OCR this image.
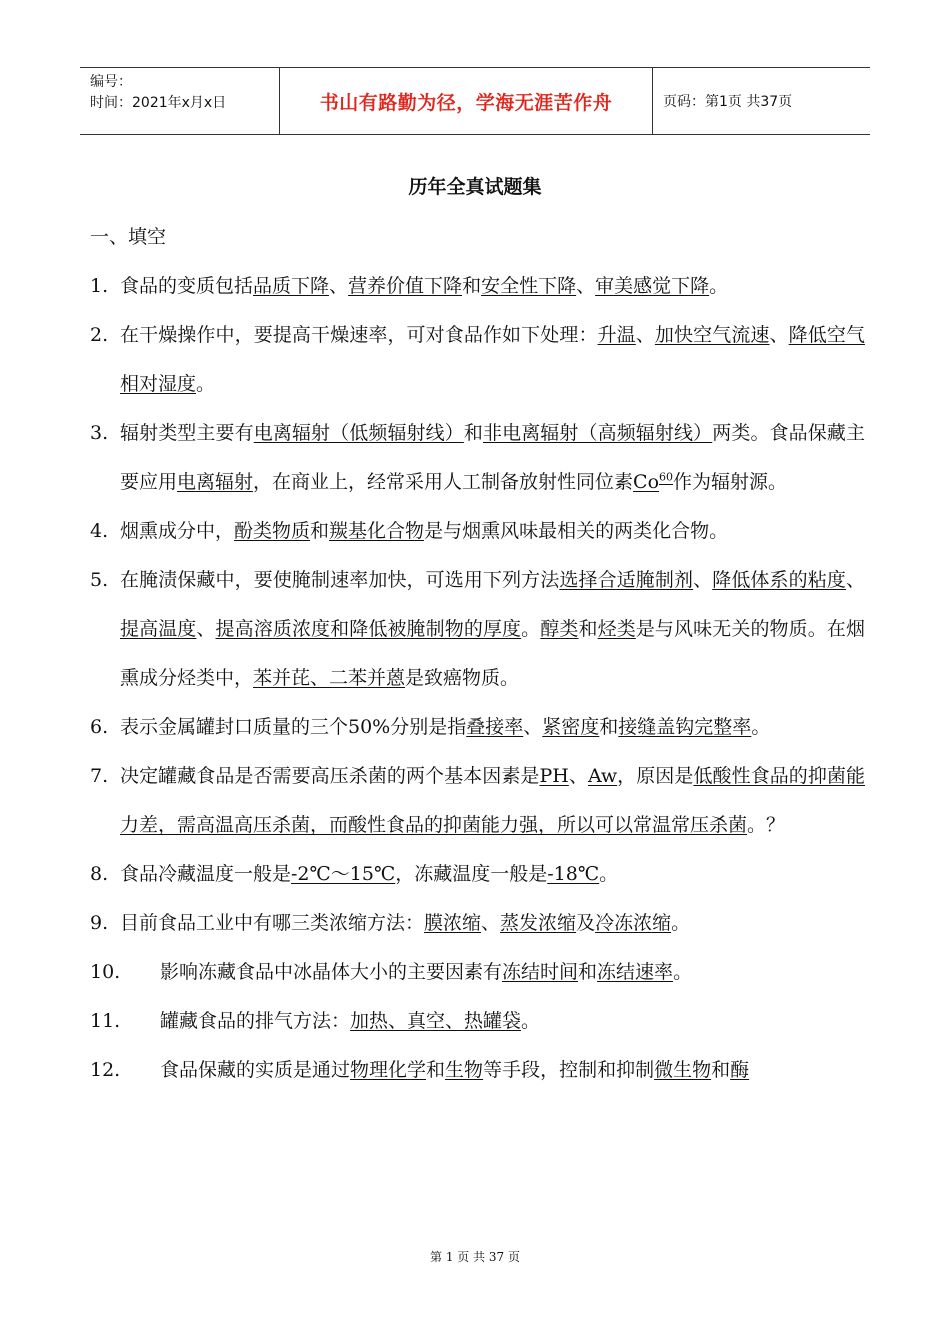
编号：
时间：2021年x月x日	书山有路勤为径，学海无涯苦作舟	页码：第1页 共37页
历年全真试题集
一、填空
1. 食品的变质包括品质下降、营养价值下降和安全性下降、审美感觉下降。
2. 在干燥操作中，要提高干燥速率，可对食品作如下处理：升温、加快空气流速、降低空气相对湿度。
3. 辐射类型主要有电离辐射（低频辐射线）和非电离辐射（高频辐射线）两类。食品保藏主要应用电离辐射，在商业上，经常采用人工制备放射性同位素Co$^{60}$作为辐射源。
4. 烟熏成分中，酚类物质和羰基化合物是与烟熏风味最相关的两类化合物。
5. 在腌渍保藏中，要使腌制速率加快，可选用下列方法选择合适腌制剂、降低体系的粘度、提高温度、提高溶质浓度和降低被腌制物的厚度。醇类和烃类是与风味无关的物质。在烟熏成分烃类中，苯并芘、二苯并蒽是致癌物质。
6. 表示金属罐封口质量的三个50%分别是指叠接率、紧密度和接缝盖钩完整率。
7. 决定罐藏食品是否需要高压杀菌的两个基本因素是PH、Aw，原因是低酸性食品的抑菌能力差，需高温高压杀菌，而酸性食品的抑菌能力强，所以可以常温常压杀菌。？
8. 食品冷藏温度一般是-2℃～15℃，冻藏温度一般是-18℃。
9. 目前食品工业中有哪三类浓缩方法：膜浓缩、蒸发浓缩及冷冻浓缩。
10. 影响冻藏食品中冰晶体大小的主要因素有冻结时间和冻结速率。
11. 罐藏食品的排气方法：加热、真空、热罐袋。
12. 食品保藏的实质是通过物理化学和生物等手段，控制和抑制微生物和酶
第 1 页 共 37 页
